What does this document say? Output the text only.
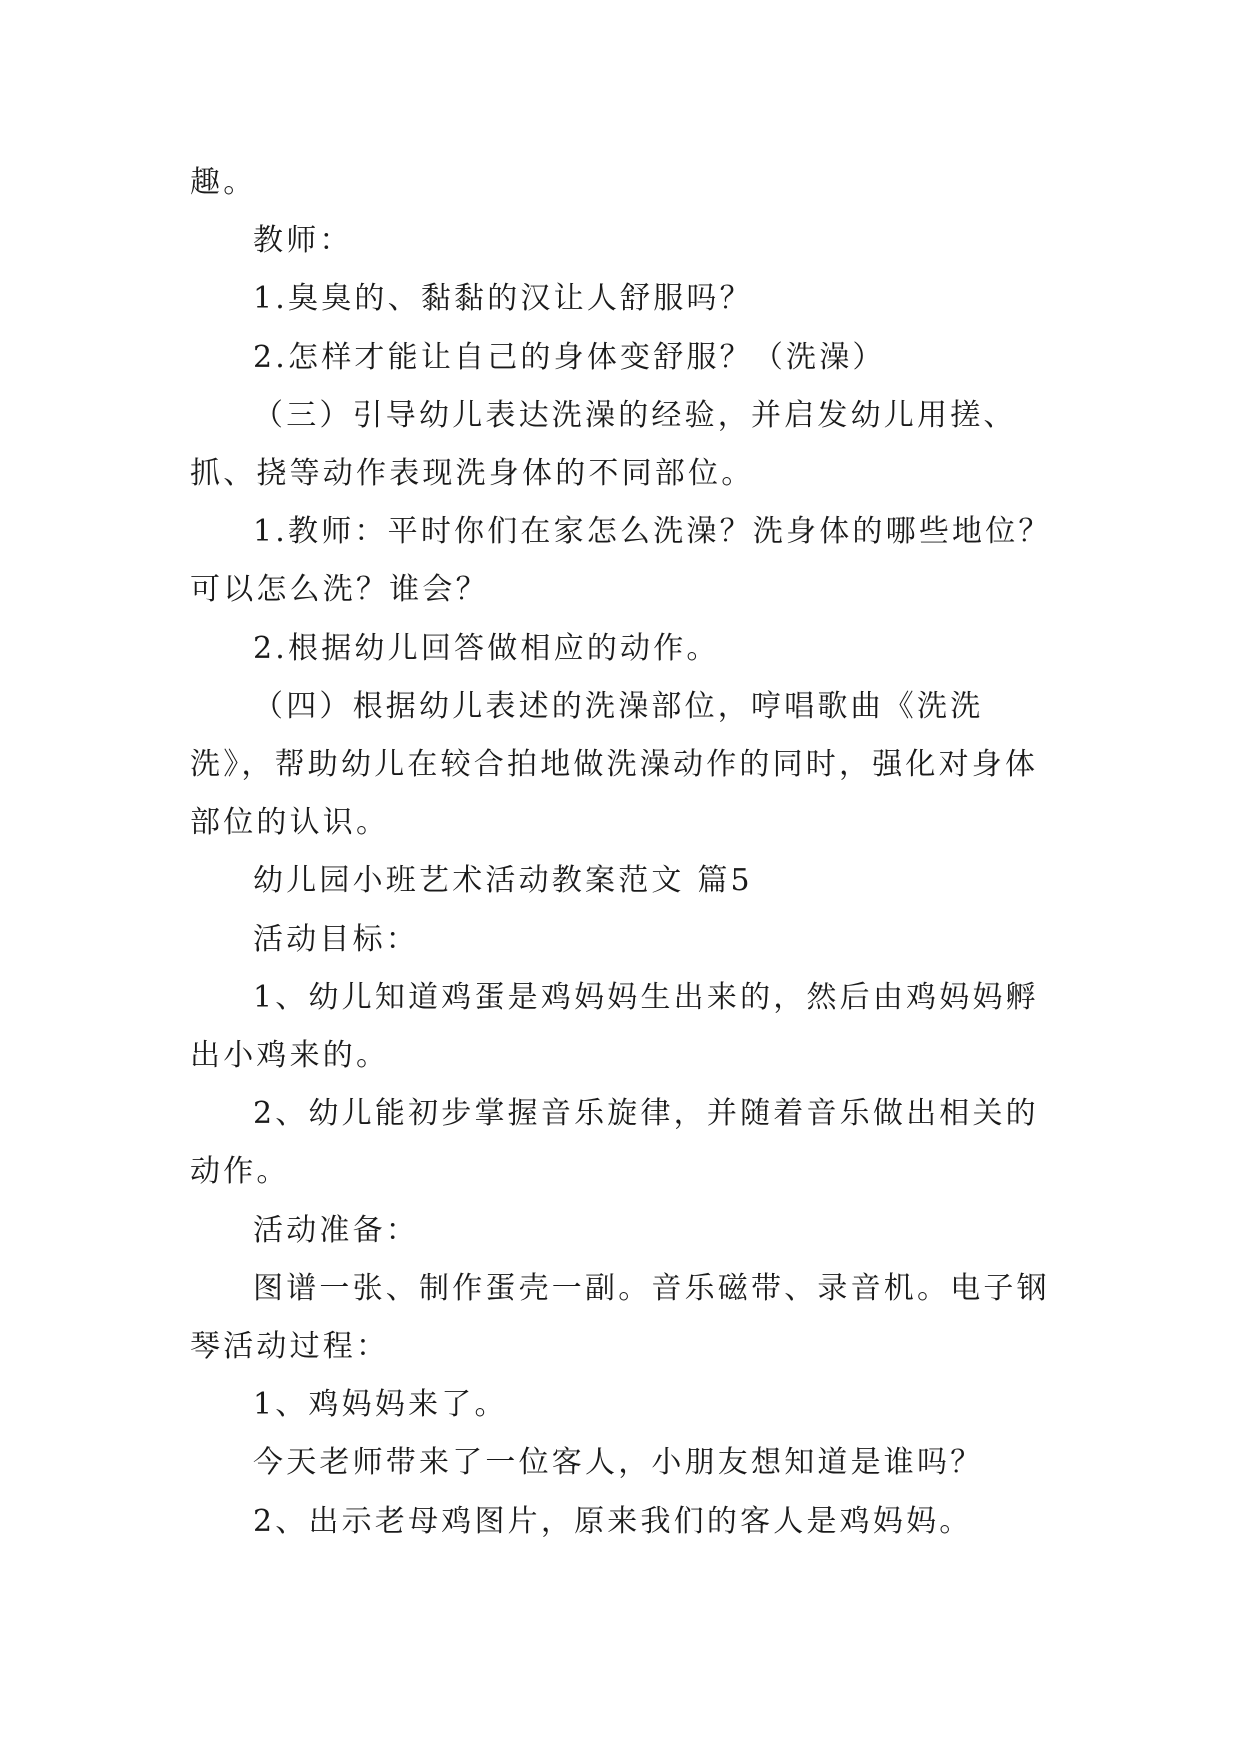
趣。

教师：

1.臭臭的、黏黏的汉让人舒服吗？

2.怎样才能让自己的身体变舒服？（洗澡）

（三）引导幼儿表达洗澡的经验，并启发幼儿用搓、抓、挠等动作表现洗身体的不同部位。

1.教师：平时你们在家怎么洗澡？洗身体的哪些地位？可以怎么洗？谁会？

2.根据幼儿回答做相应的动作。

（四）根据幼儿表述的洗澡部位，哼唱歌曲《洗洗洗》，帮助幼儿在较合拍地做洗澡动作的同时，强化对身体部位的认识。

幼儿园小班艺术活动教案范文 篇5

活动目标：

1、幼儿知道鸡蛋是鸡妈妈生出来的，然后由鸡妈妈孵出小鸡来的。

2、幼儿能初步掌握音乐旋律，并随着音乐做出相关的动作。

活动准备：

图谱一张、制作蛋壳一副。音乐磁带、录音机。电子钢琴活动过程：

1、鸡妈妈来了。

今天老师带来了一位客人，小朋友想知道是谁吗？

2、出示老母鸡图片，原来我们的客人是鸡妈妈。
